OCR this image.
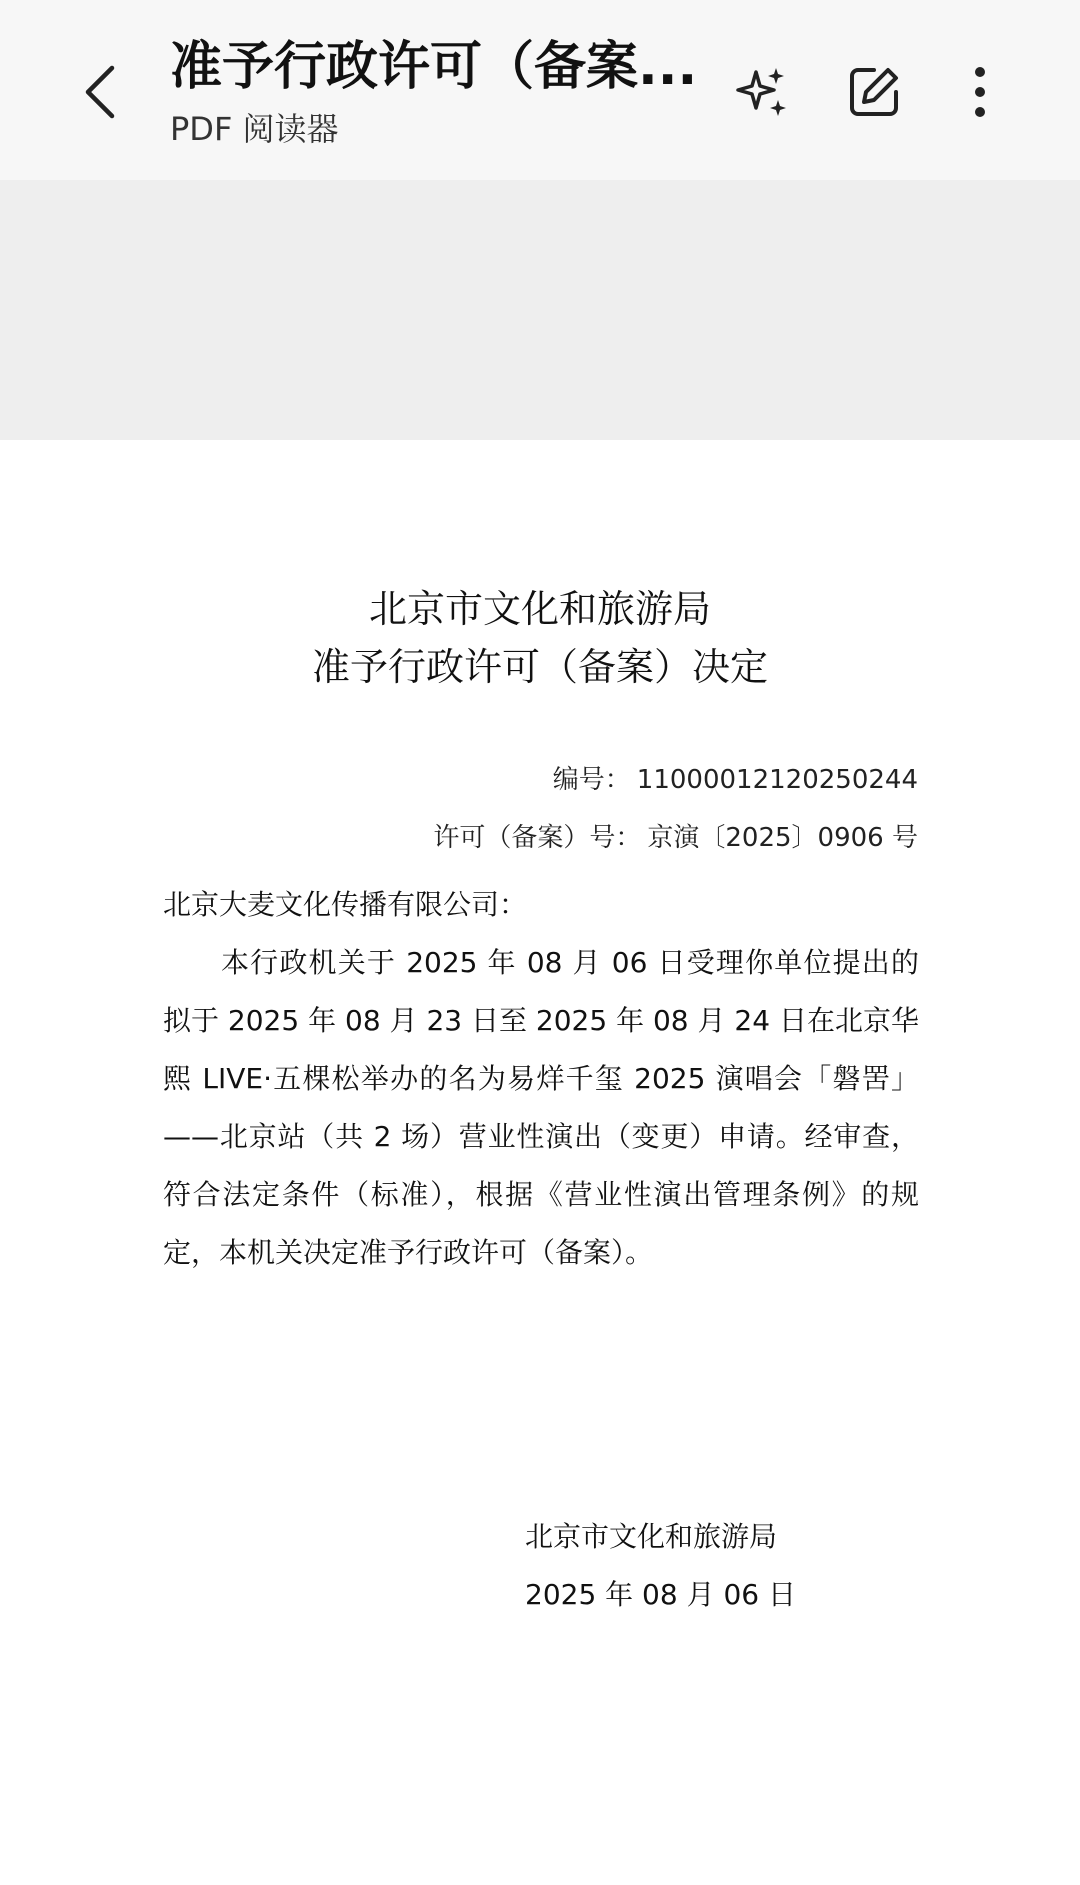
准予行政许可（备案...
PDF 阅读器
北京市文化和旅游局
准予行政许可（备案）决定
编号： 11000012120250244
许可（备案）号： 京演〔2025〕0906 号
北京大麦文化传播有限公司：
本行政机关于 2025 年 08 月 06 日受理你单位提出的拟于 2025 年 08 月 23 日至 2025 年 08 月 24 日在北京华熙 LIVE·五棵松举办的名为易烊千玺 2025 演唱会「磐罟」——北京站（共 2 场）营业性演出（变更）申请。经审查，符合法定条件（标准），根据《营业性演出管理条例》的规定，本机关决定准予行政许可（备案）。
北京市文化和旅游局
2025 年 08 月 06 日
